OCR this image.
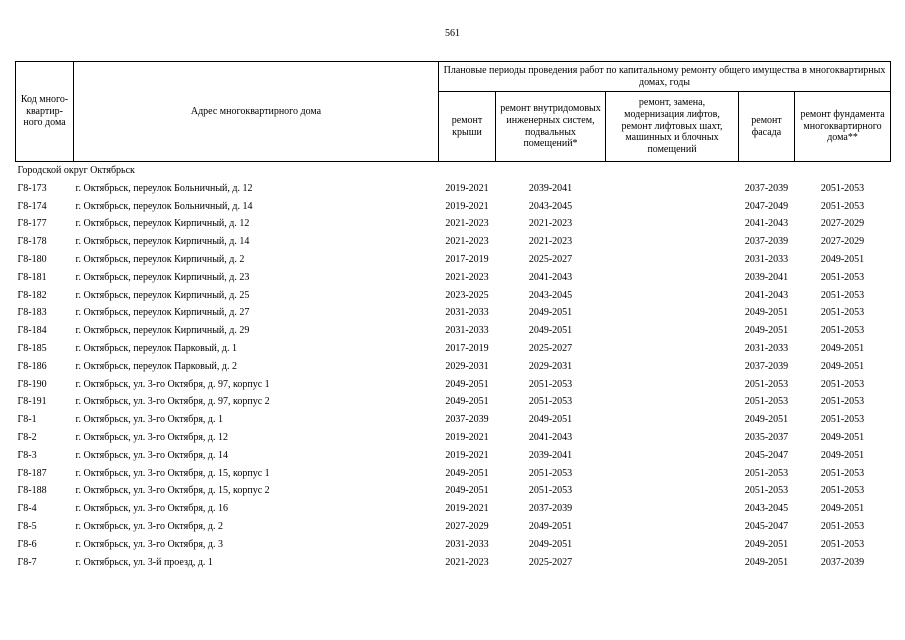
561
Код много-квартир-ного дома	Адрес многоквартирного дома	Плановые периоды проведения работ по капитальному ремонту общего имущества в многоквартирных домах, годы				
		ремонт крыши	ремонт внутридомовых инженерных систем, подвальных помещений*	ремонт, замена, модернизация лифтов, ремонт лифтовых шахт, машинных и блочных помещений	ремонт фасада	ремонт фундамента многоквартирного дома**
Городской округ Октябрьск						
Г8-173	г. Октябрьск, переулок Больничный, д. 12	2019-2021	2039-2041		2037-2039	2051-2053
Г8-174	г. Октябрьск, переулок Больничный, д. 14	2019-2021	2043-2045		2047-2049	2051-2053
Г8-177	г. Октябрьск, переулок Кирпичный, д. 12	2021-2023	2021-2023		2041-2043	2027-2029
Г8-178	г. Октябрьск, переулок Кирпичный, д. 14	2021-2023	2021-2023		2037-2039	2027-2029
Г8-180	г. Октябрьск, переулок Кирпичный, д. 2	2017-2019	2025-2027		2031-2033	2049-2051
Г8-181	г. Октябрьск, переулок Кирпичный, д. 23	2021-2023	2041-2043		2039-2041	2051-2053
Г8-182	г. Октябрьск, переулок Кирпичный, д. 25	2023-2025	2043-2045		2041-2043	2051-2053
Г8-183	г. Октябрьск, переулок Кирпичный, д. 27	2031-2033	2049-2051		2049-2051	2051-2053
Г8-184	г. Октябрьск, переулок Кирпичный, д. 29	2031-2033	2049-2051		2049-2051	2051-2053
Г8-185	г. Октябрьск, переулок Парковый, д. 1	2017-2019	2025-2027		2031-2033	2049-2051
Г8-186	г. Октябрьск, переулок Парковый, д. 2	2029-2031	2029-2031		2037-2039	2049-2051
Г8-190	г. Октябрьск, ул. 3-го Октября, д. 97, корпус 1	2049-2051	2051-2053		2051-2053	2051-2053
Г8-191	г. Октябрьск, ул. 3-го Октября, д. 97, корпус 2	2049-2051	2051-2053		2051-2053	2051-2053
Г8-1	г. Октябрьск, ул. 3-го Октября, д. 1	2037-2039	2049-2051		2049-2051	2051-2053
Г8-2	г. Октябрьск, ул. 3-го Октября, д. 12	2019-2021	2041-2043		2035-2037	2049-2051
Г8-3	г. Октябрьск, ул. 3-го Октября, д. 14	2019-2021	2039-2041		2045-2047	2049-2051
Г8-187	г. Октябрьск, ул. 3-го Октября, д. 15, корпус 1	2049-2051	2051-2053		2051-2053	2051-2053
Г8-188	г. Октябрьск, ул. 3-го Октября, д. 15, корпус 2	2049-2051	2051-2053		2051-2053	2051-2053
Г8-4	г. Октябрьск, ул. 3-го Октября, д. 16	2019-2021	2037-2039		2043-2045	2049-2051
Г8-5	г. Октябрьск, ул. 3-го Октября, д. 2	2027-2029	2049-2051		2045-2047	2051-2053
Г8-6	г. Октябрьск, ул. 3-го Октября, д. 3	2031-2033	2049-2051		2049-2051	2051-2053
Г8-7	г. Октябрьск, ул. 3-й проезд, д. 1	2021-2023	2025-2027		2049-2051	2037-2039
